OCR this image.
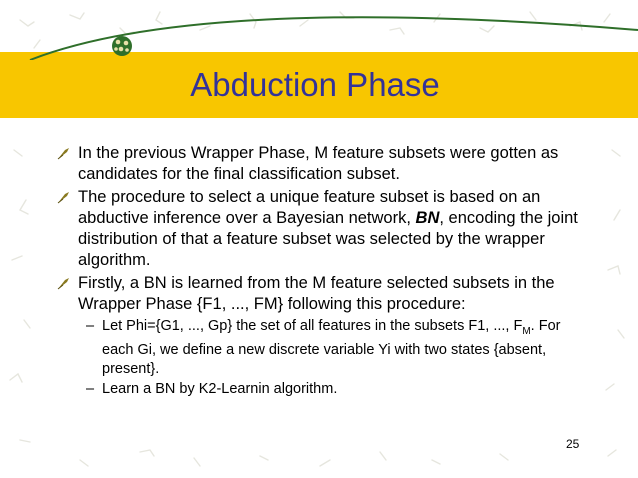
Abduction Phase
In the previous Wrapper Phase, M feature subsets were gotten as candidates for the final classification subset.
The procedure to select a unique feature subset is based on an abductive inference over a Bayesian network, BN, encoding the joint distribution of that a feature subset was selected by the wrapper algorithm.
Firstly, a BN is learned from the M feature selected subsets in the Wrapper Phase {F1, ..., FM} following this procedure:
– Let Phi={G1, ..., Gp} the set of all features in the subsets F1, ..., $F_M$. For each Gi, we define a new discrete variable Yi with two states {absent, present}.
– Learn a BN by K2-Learnin algorithm.
25
